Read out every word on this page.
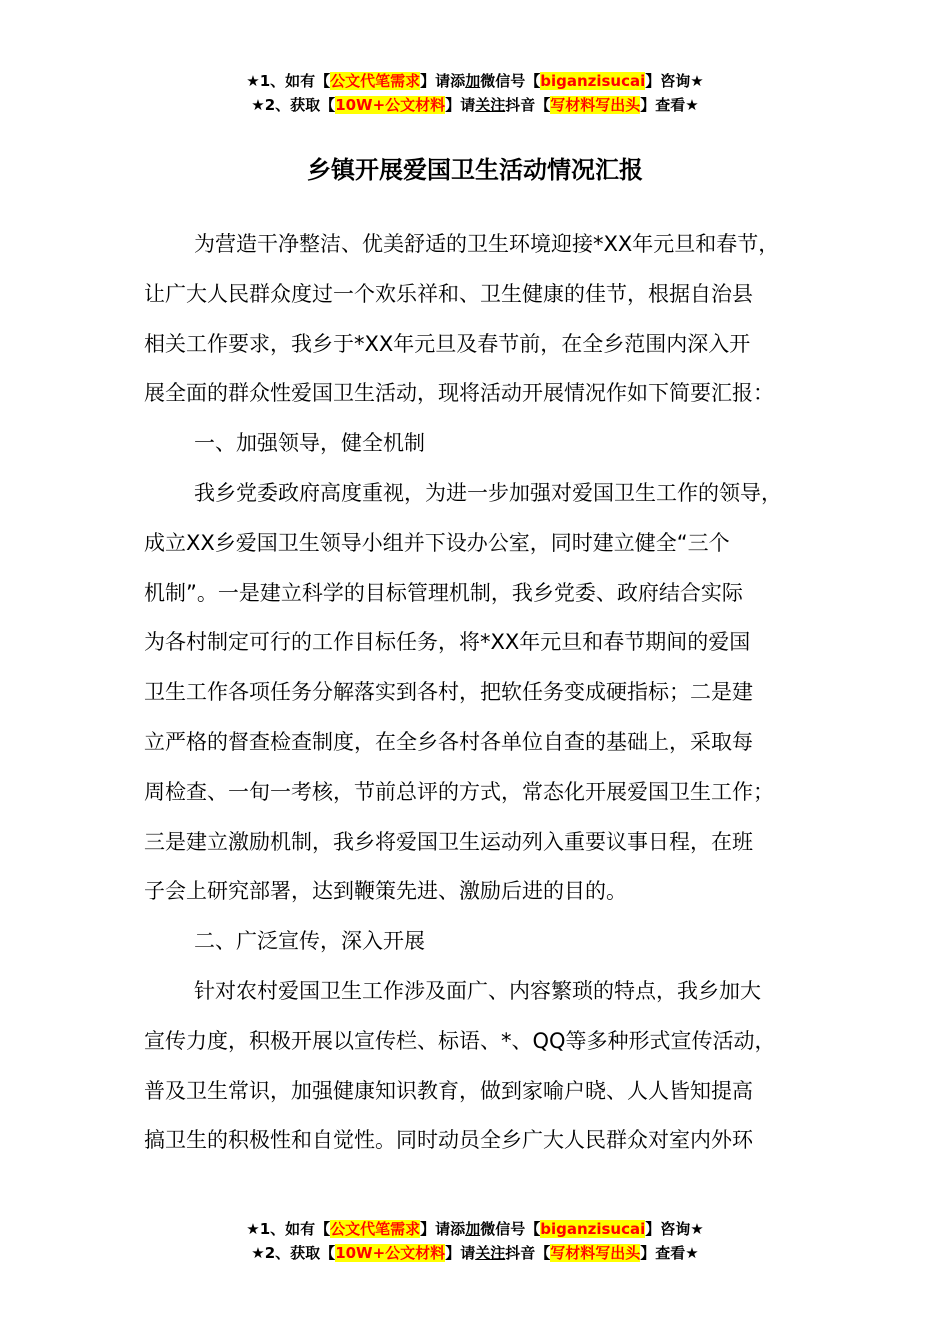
★1、如有【公文代笔需求】请添加微信号【biganzisucai】咨询★
★2、获取【10W+公文材料】请关注抖音【写材料写出头】查看★
乡镇开展爱国卫生活动情况汇报
为营造干净整洁、优美舒适的卫生环境迎接*XX年元旦和春节，
让广大人民群众度过一个欢乐祥和、卫生健康的佳节，根据自治县
相关工作要求，我乡于*XX年元旦及春节前，在全乡范围内深入开
展全面的群众性爱国卫生活动，现将活动开展情况作如下简要汇报：
一、加强领导，健全机制
我乡党委政府高度重视，为进一步加强对爱国卫生工作的领导，
成立XX乡爱国卫生领导小组并下设办公室，同时建立健全“三个
机制”。一是建立科学的目标管理机制，我乡党委、政府结合实际
为各村制定可行的工作目标任务，将*XX年元旦和春节期间的爱国
卫生工作各项任务分解落实到各村，把软任务变成硬指标；二是建
立严格的督查检查制度，在全乡各村各单位自查的基础上，采取每
周检查、一旬一考核，节前总评的方式，常态化开展爱国卫生工作；
三是建立激励机制，我乡将爱国卫生运动列入重要议事日程，在班
子会上研究部署，达到鞭策先进、激励后进的目的。
二、广泛宣传，深入开展
针对农村爱国卫生工作涉及面广、内容繁琐的特点，我乡加大
宣传力度，积极开展以宣传栏、标语、*、QQ等多种形式宣传活动，
普及卫生常识，加强健康知识教育，做到家喻户晓、人人皆知提高
搞卫生的积极性和自觉性。同时动员全乡广大人民群众对室内外环
★1、如有【公文代笔需求】请添加微信号【biganzisucai】咨询★
★2、获取【10W+公文材料】请关注抖音【写材料写出头】查看★
